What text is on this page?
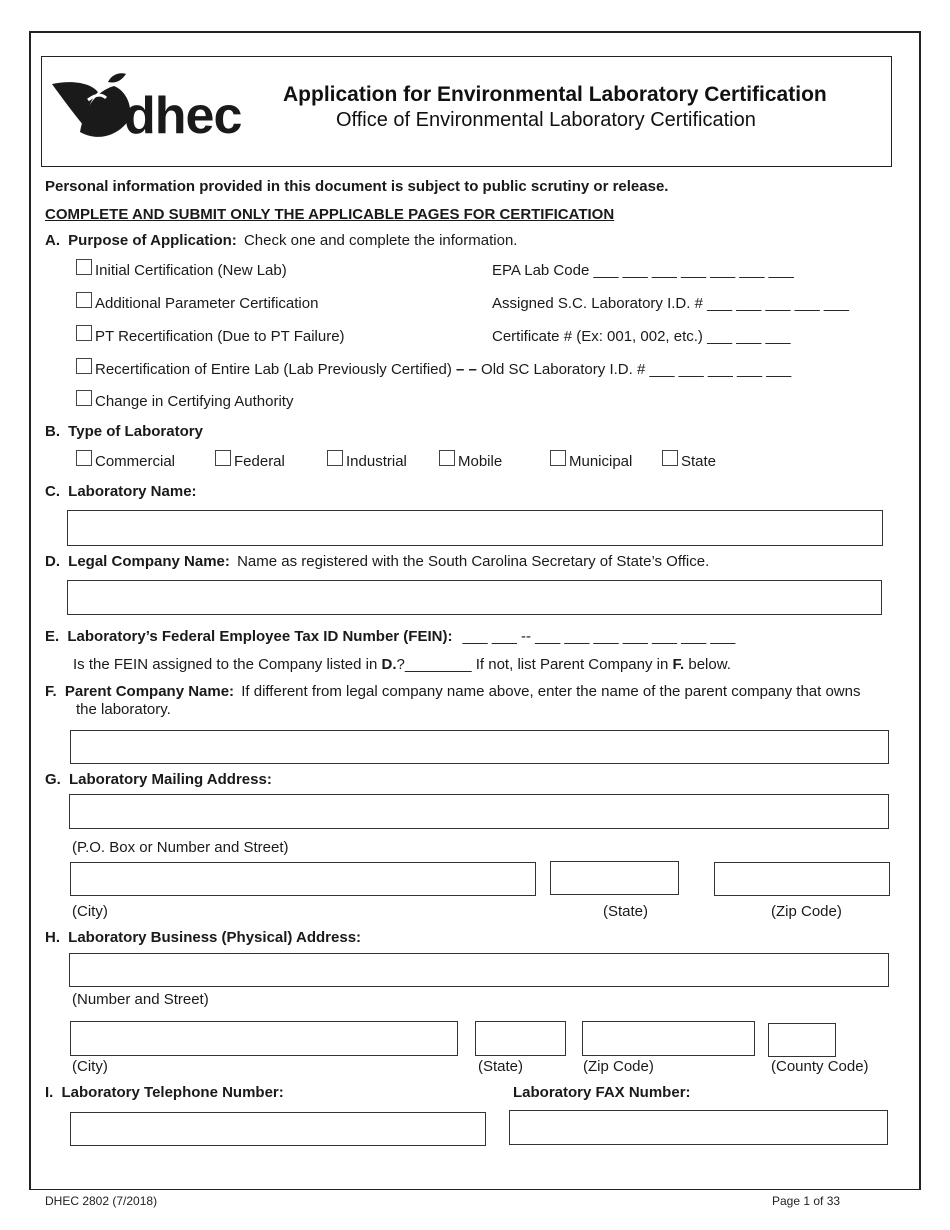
dhec Application for Environmental Laboratory Certification
Office of Environmental Laboratory Certification
Personal information provided in this document is subject to public scrutiny or release.
COMPLETE AND SUBMIT ONLY THE APPLICABLE PAGES FOR CERTIFICATION
A. Purpose of Application: Check one and complete the information.
Initial Certification (New Lab)	EPA Lab Code ___ ___ ___ ___ ___ ___ ___
Additional Parameter Certification	Assigned S.C. Laboratory I.D. # ___ ___ ___ ___ ___
PT Recertification (Due to PT Failure)	Certificate # (Ex: 001, 002, etc.) ___ ___ ___
Recertification of Entire Lab (Lab Previously Certified) – – Old SC Laboratory I.D. # ___ ___ ___ ___ ___
Change in Certifying Authority
B. Type of Laboratory
Commercial	Federal	Industrial	Mobile	Municipal	State
C. Laboratory Name:
D. Legal Company Name: Name as registered with the South Carolina Secretary of State’s Office.
E. Laboratory’s Federal Employee Tax ID Number (FEIN): ___ ___ -- ___ ___ ___ ___ ___ ___ ___
Is the FEIN assigned to the Company listed in D.?________ If not, list Parent Company in F. below.
F. Parent Company Name: If different from legal company name above, enter the name of the parent company that owns
the laboratory.
G. Laboratory Mailing Address:
(P.O. Box or Number and Street)
(City)	(State)	(Zip Code)
H. Laboratory Business (Physical) Address:
(Number and Street)
(City)	(State)	(Zip Code)	(County Code)
I. Laboratory Telephone Number:	Laboratory FAX Number:
DHEC 2802 (7/2018)	Page 1 of 33
